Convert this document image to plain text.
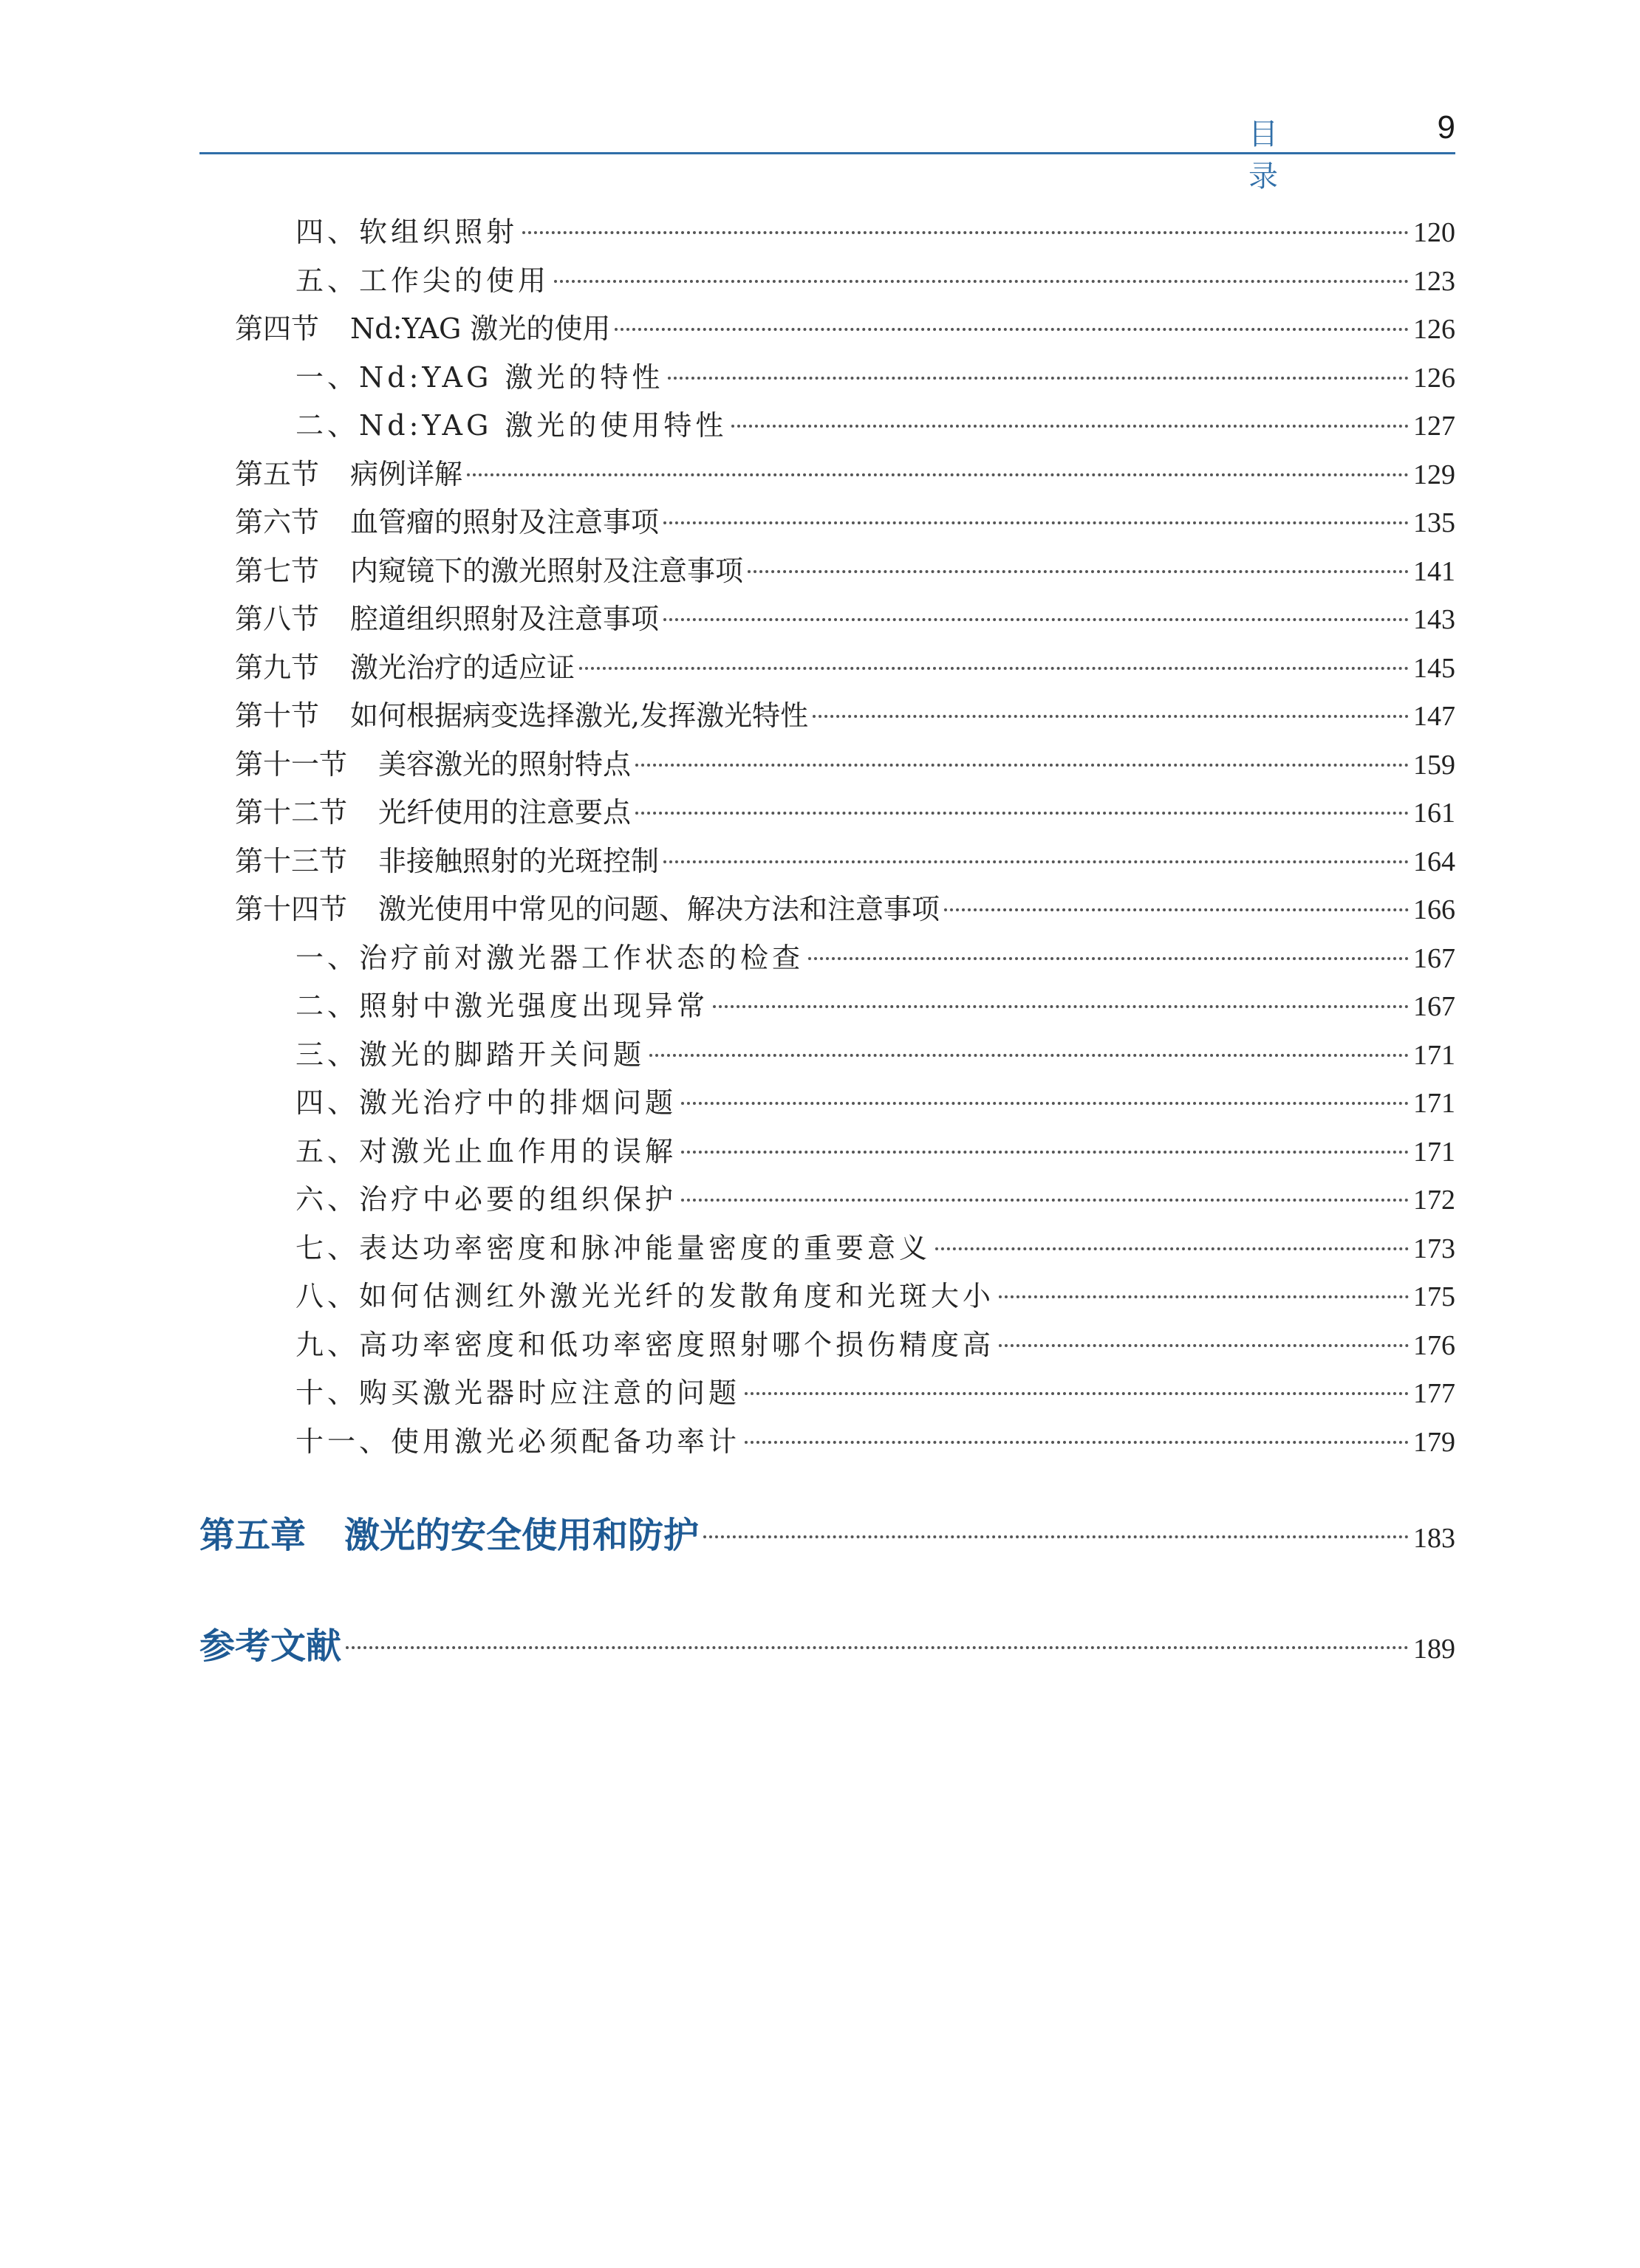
目 录
9
四、软组织照射	120
五、工作尖的使用	123
第四节 Nd:YAG 激光的使用	126
一、Nd:YAG 激光的特性	126
二、Nd:YAG 激光的使用特性	127
第五节 病例详解	129
第六节 血管瘤的照射及注意事项	135
第七节 内窥镜下的激光照射及注意事项	141
第八节 腔道组织照射及注意事项	143
第九节 激光治疗的适应证	145
第十节 如何根据病变选择激光,发挥激光特性	147
第十一节 美容激光的照射特点	159
第十二节 光纤使用的注意要点	161
第十三节 非接触照射的光斑控制	164
第十四节 激光使用中常见的问题、解决方法和注意事项	166
一、治疗前对激光器工作状态的检查	167
二、照射中激光强度出现异常	167
三、激光的脚踏开关问题	171
四、激光治疗中的排烟问题	171
五、对激光止血作用的误解	171
六、治疗中必要的组织保护	172
七、表达功率密度和脉冲能量密度的重要意义	173
八、如何估测红外激光光纤的发散角度和光斑大小	175
九、高功率密度和低功率密度照射哪个损伤精度高	176
十、购买激光器时应注意的问题	177
十一、使用激光必须配备功率计	179
第五章 激光的安全使用和防护	183
参考文献	189
